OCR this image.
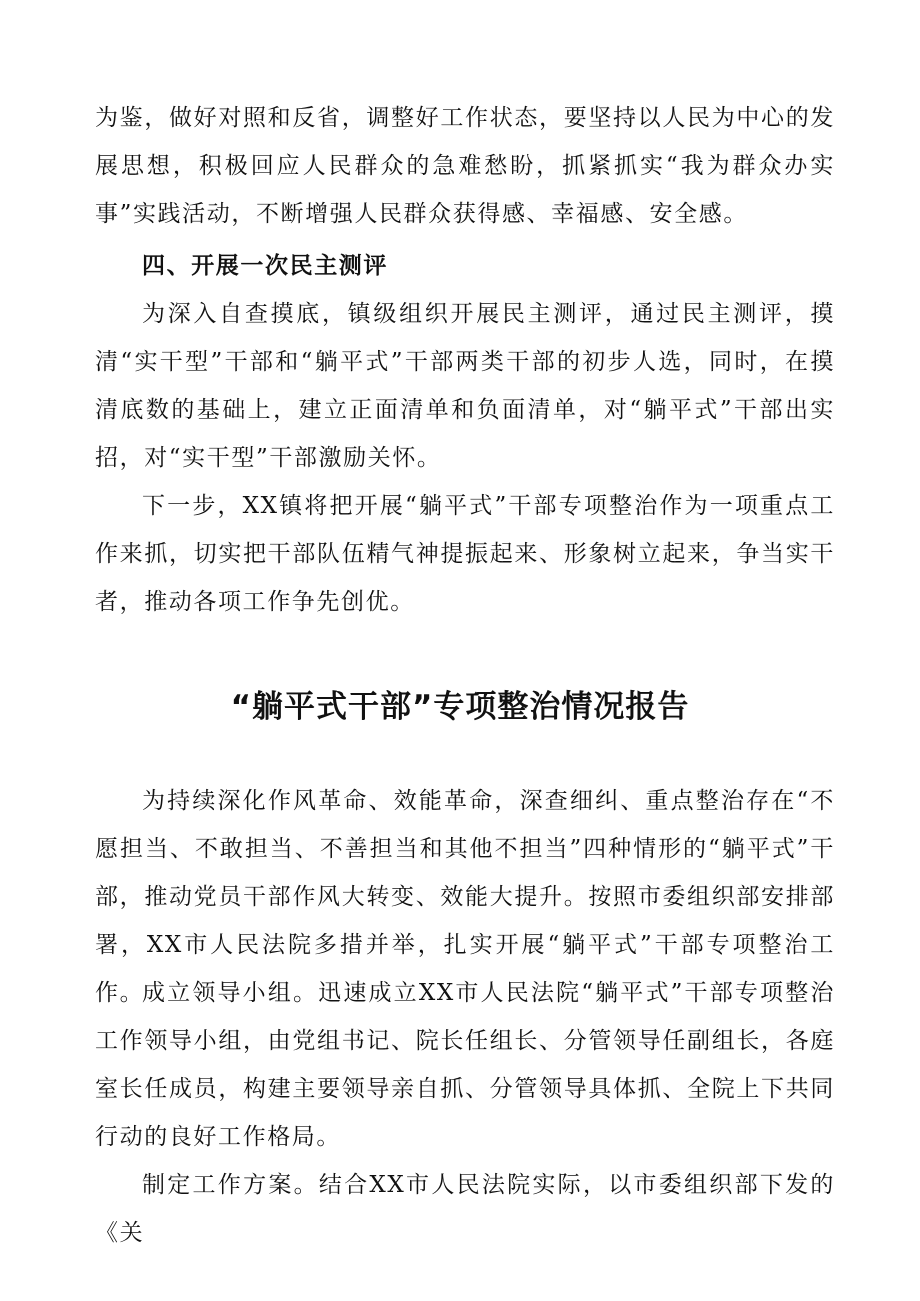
为鉴，做好对照和反省，调整好工作状态，要坚持以人民为中心的发展思想，积极回应人民群众的急难愁盼，抓紧抓实“我为群众办实事”实践活动，不断增强人民群众获得感、幸福感、安全感。

四、开展一次民主测评

为深入自查摸底，镇级组织开展民主测评，通过民主测评，摸清“实干型”干部和“躺平式”干部两类干部的初步人选，同时，在摸清底数的基础上，建立正面清单和负面清单，对“躺平式”干部出实招，对“实干型”干部激励关怀。

下一步，XX镇将把开展“躺平式”干部专项整治作为一项重点工作来抓，切实把干部队伍精气神提振起来、形象树立起来，争当实干者，推动各项工作争先创优。

“躺平式干部”专项整治情况报告

为持续深化作风革命、效能革命，深查细纠、重点整治存在“不愿担当、不敢担当、不善担当和其他不担当”四种情形的“躺平式”干部，推动党员干部作风大转变、效能大提升。按照市委组织部安排部署，XX市人民法院多措并举，扎实开展“躺平式”干部专项整治工作。

成立领导小组。迅速成立XX市人民法院“躺平式”干部专项整治工作领导小组，由党组书记、院长任组长、分管领导任副组长，各庭室长任成员，构建主要领导亲自抓、分管领导具体抓、全院上下共同行动的良好工作格局。

制定工作方案。结合XX市人民法院实际，以市委组织部下发的《关
